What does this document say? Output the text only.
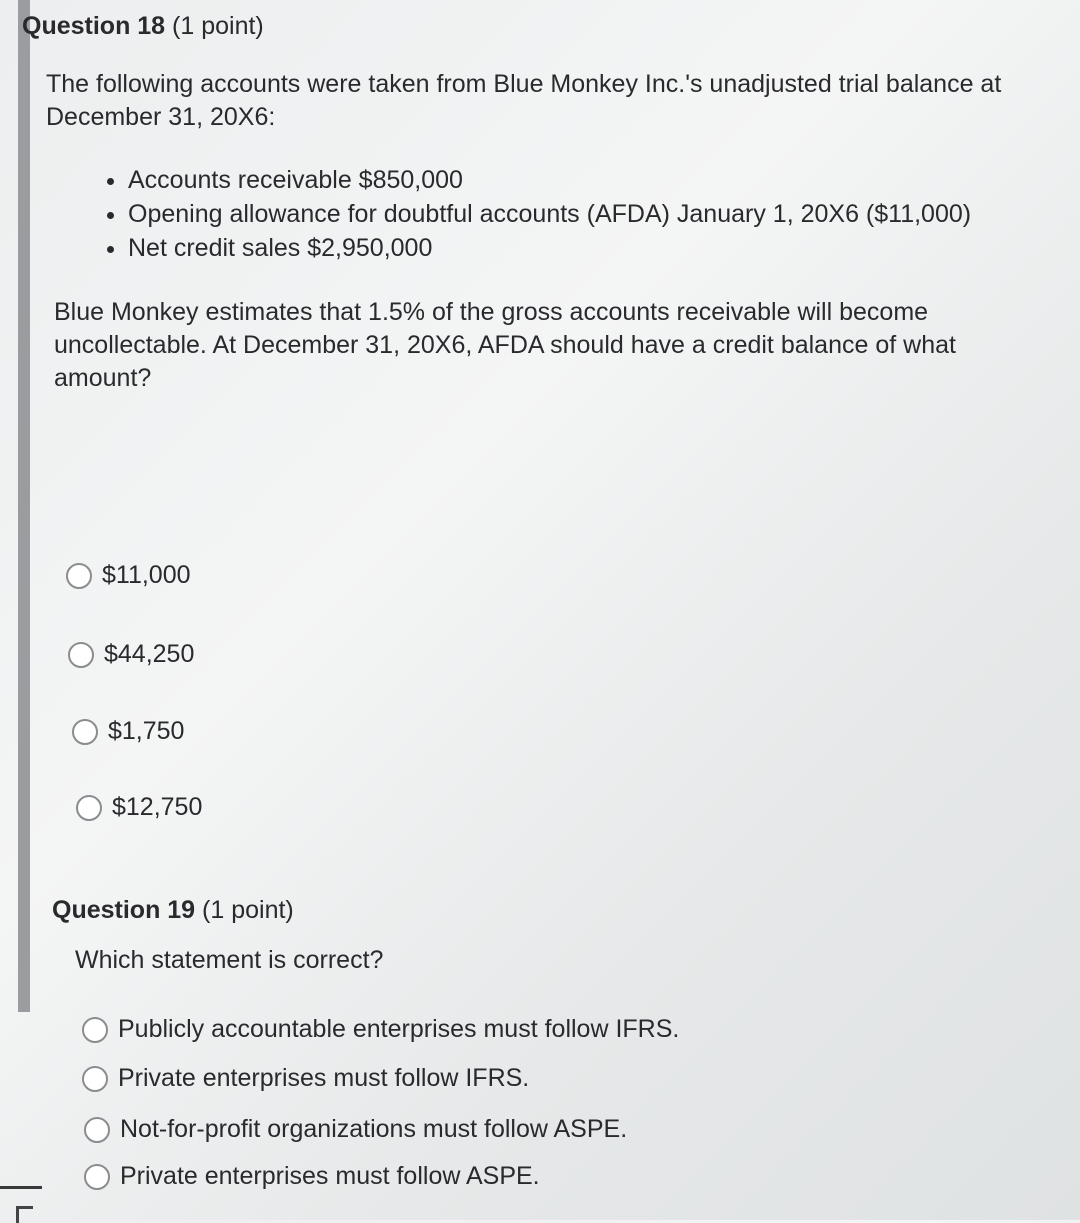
Question 18 (1 point)
The following accounts were taken from Blue Monkey Inc.'s unadjusted trial balance at December 31, 20X6:
• Accounts receivable $850,000
• Opening allowance for doubtful accounts (AFDA) January 1, 20X6 ($11,000)
• Net credit sales $2,950,000
Blue Monkey estimates that 1.5% of the gross accounts receivable will become uncollectable. At December 31, 20X6, AFDA should have a credit balance of what amount?
$11,000
$44,250
$1,750
$12,750
Question 19 (1 point)
Which statement is correct?
Publicly accountable enterprises must follow IFRS.
Private enterprises must follow IFRS.
Not-for-profit organizations must follow ASPE.
Private enterprises must follow ASPE.
